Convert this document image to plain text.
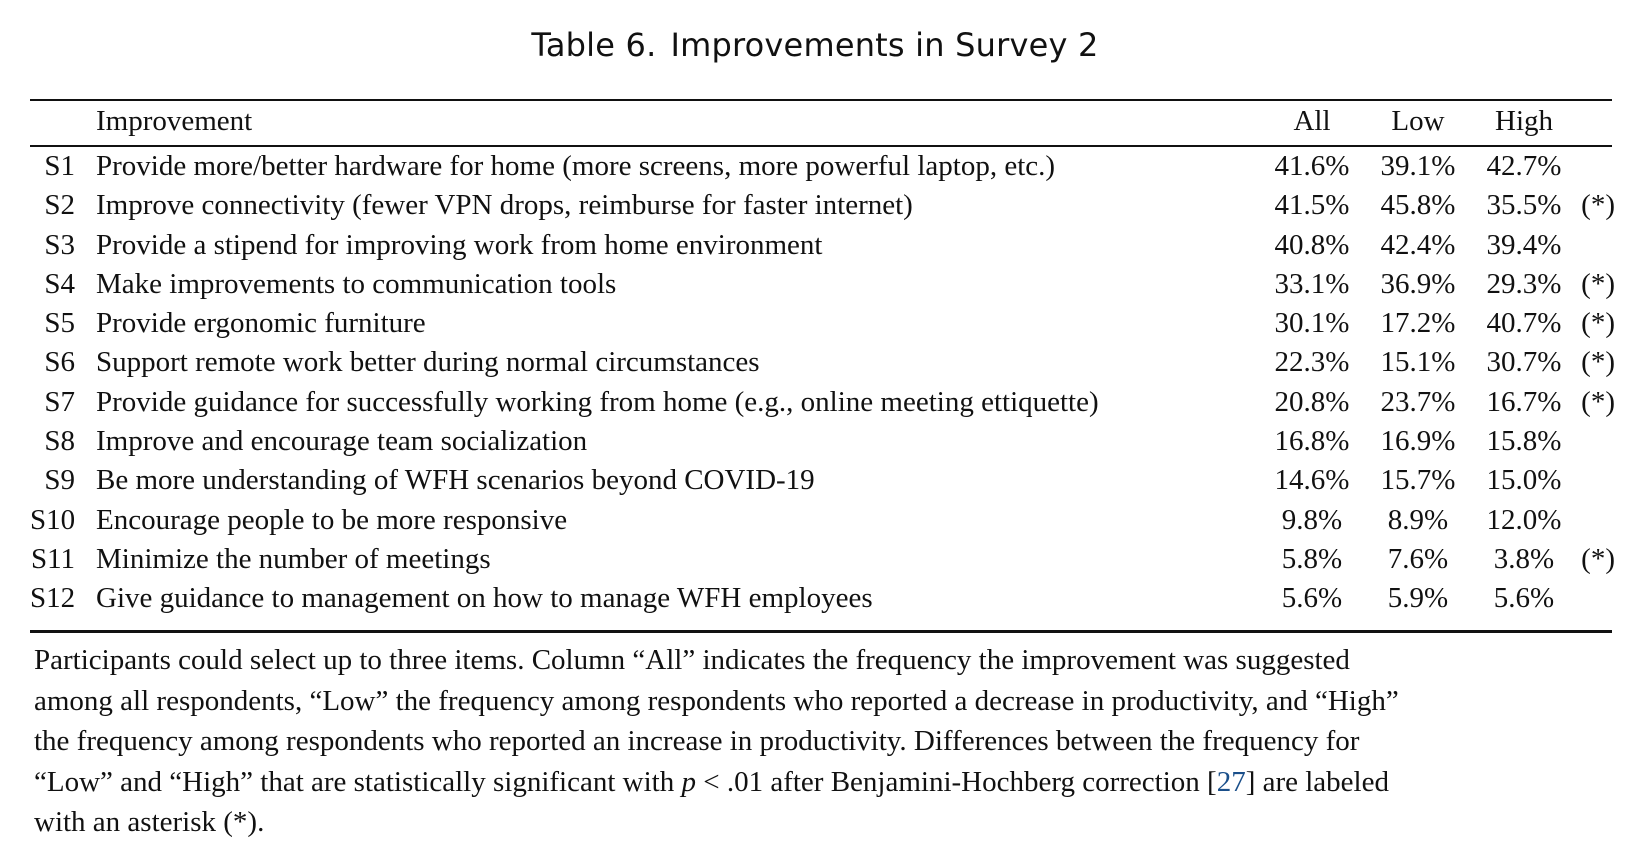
Table 6. Improvements in Survey 2
Improvement	All	Low	High
S1 Provide more/better hardware for home (more screens, more powerful laptop, etc.)	41.6%	39.1%	42.7%
S2 Improve connectivity (fewer VPN drops, reimburse for faster internet)	41.5%	45.8%	35.5% (*)
S3 Provide a stipend for improving work from home environment	40.8%	42.4%	39.4%
S4 Make improvements to communication tools	33.1%	36.9%	29.3% (*)
S5 Provide ergonomic furniture	30.1%	17.2%	40.7% (*)
S6 Support remote work better during normal circumstances	22.3%	15.1%	30.7% (*)
S7 Provide guidance for successfully working from home (e.g., online meeting ettiquette)	20.8%	23.7%	16.7% (*)
S8 Improve and encourage team socialization	16.8%	16.9%	15.8%
S9 Be more understanding of WFH scenarios beyond COVID-19	14.6%	15.7%	15.0%
S10 Encourage people to be more responsive	9.8%	8.9%	12.0%
S11 Minimize the number of meetings	5.8%	7.6%	3.8% (*)
S12 Give guidance to management on how to manage WFH employees	5.6%	5.9%	5.6%

Participants could select up to three items. Column “All” indicates the frequency the improvement was suggested

among all respondents, “Low” the frequency among respondents who reported a decrease in productivity, and “High”

the frequency among respondents who reported an increase in productivity. Differences between the frequency for

“Low” and “High” that are statistically significant with p < .01 after Benjamini-Hochberg correction [27] are labeled

with an asterisk (*).
